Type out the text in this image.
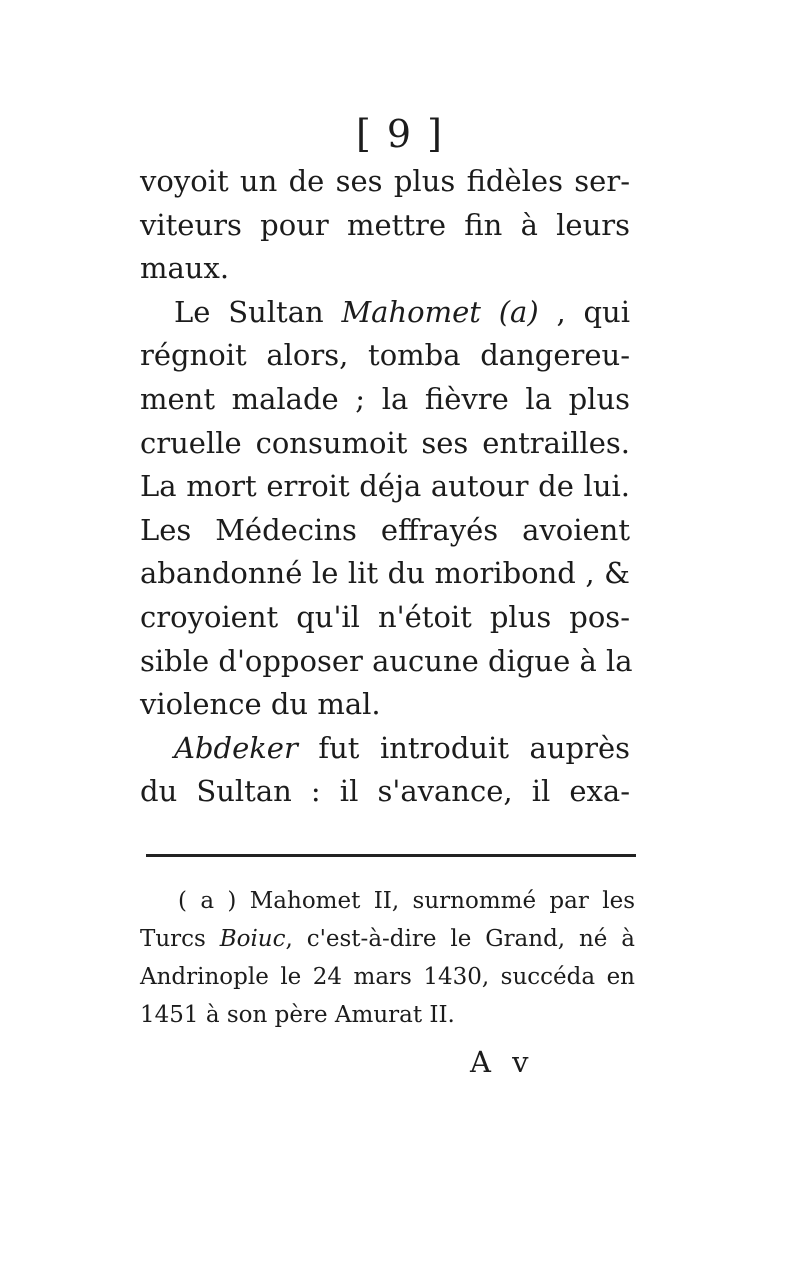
[ 9 ]
voyoit un de ses plus fidèles ser-
viteurs pour mettre fin à leurs
maux.
Le Sultan Mahomet (a) , qui
régnoit alors, tomba dangereu-
ment malade ; la fièvre la plus
cruelle consumoit ses entrailles.
La mort erroit déja autour de lui.
Les Médecins effrayés avoient
abandonné le lit du moribond , &
croyoient qu'il n'étoit plus pos-
sible d'opposer aucune digue à la
violence du mal.
Abdeker fut introduit auprès
du Sultan : il s'avance, il exa-
( a ) Mahomet II, surnommé par les
Turcs Boiuc, c'est-à-dire le Grand, né à
Andrinople le 24 mars 1430, succéda en
1451 à son père Amurat II.
A v
